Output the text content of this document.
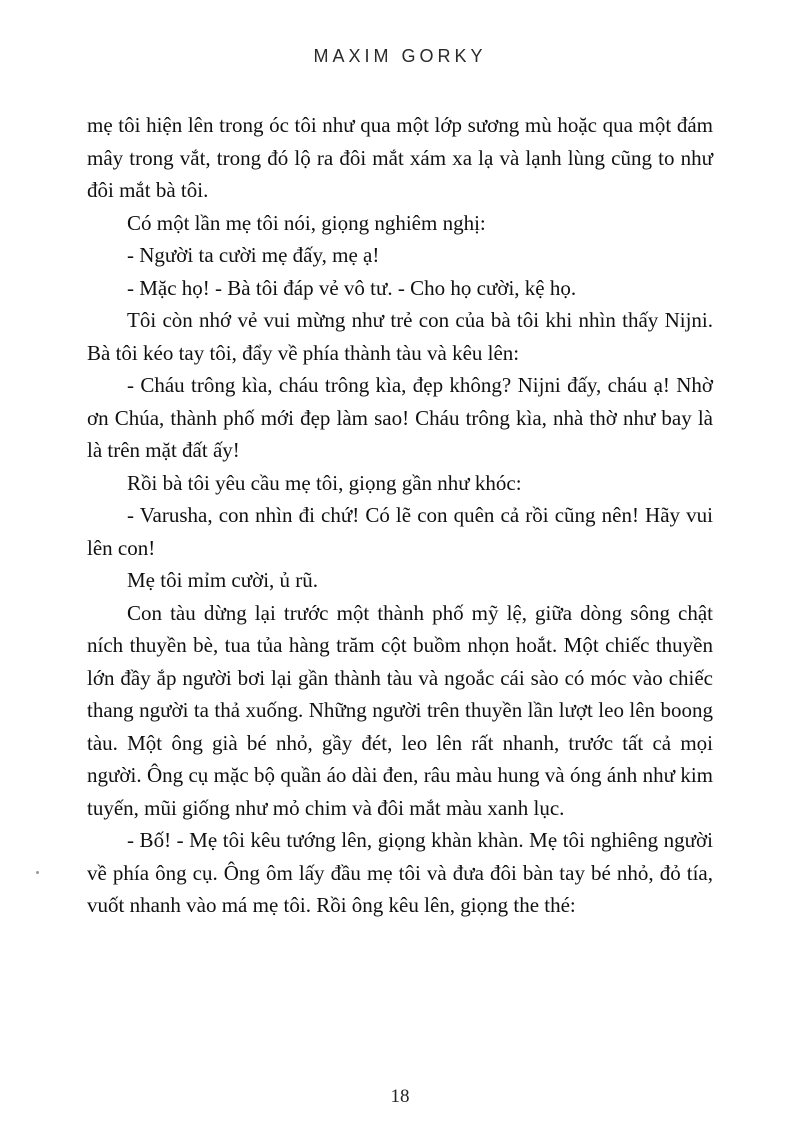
MAXIM GORKY

mẹ tôi hiện lên trong óc tôi như qua một lớp sương mù hoặc qua một đám mây trong vắt, trong đó lộ ra đôi mắt xám xa lạ và lạnh lùng cũng to như đôi mắt bà tôi.

Có một lần mẹ tôi nói, giọng nghiêm nghị:

- Người ta cười mẹ đấy, mẹ ạ!

- Mặc họ! - Bà tôi đáp vẻ vô tư. - Cho họ cười, kệ họ.

Tôi còn nhớ vẻ vui mừng như trẻ con của bà tôi khi nhìn thấy Nijni. Bà tôi kéo tay tôi, đẩy về phía thành tàu và kêu lên:

- Cháu trông kìa, cháu trông kìa, đẹp không? Nijni đấy, cháu ạ! Nhờ ơn Chúa, thành phố mới đẹp làm sao! Cháu trông kìa, nhà thờ như bay là là trên mặt đất ấy!

Rồi bà tôi yêu cầu mẹ tôi, giọng gần như khóc:

- Varusha, con nhìn đi chứ! Có lẽ con quên cả rồi cũng nên! Hãy vui lên con!

Mẹ tôi mỉm cười, ủ rũ.

Con tàu dừng lại trước một thành phố mỹ lệ, giữa dòng sông chật ních thuyền bè, tua tủa hàng trăm cột buồm nhọn hoắt. Một chiếc thuyền lớn đầy ắp người bơi lại gần thành tàu và ngoắc cái sào có móc vào chiếc thang người ta thả xuống. Những người trên thuyền lần lượt leo lên boong tàu. Một ông già bé nhỏ, gầy đét, leo lên rất nhanh, trước tất cả mọi người. Ông cụ mặc bộ quần áo dài đen, râu màu hung và óng ánh như kim tuyến, mũi giống như mỏ chim và đôi mắt màu xanh lục.

- Bố! - Mẹ tôi kêu tướng lên, giọng khàn khàn. Mẹ tôi nghiêng người về phía ông cụ. Ông ôm lấy đầu mẹ tôi và đưa đôi bàn tay bé nhỏ, đỏ tía, vuốt nhanh vào má mẹ tôi. Rồi ông kêu lên, giọng the thé:

18
